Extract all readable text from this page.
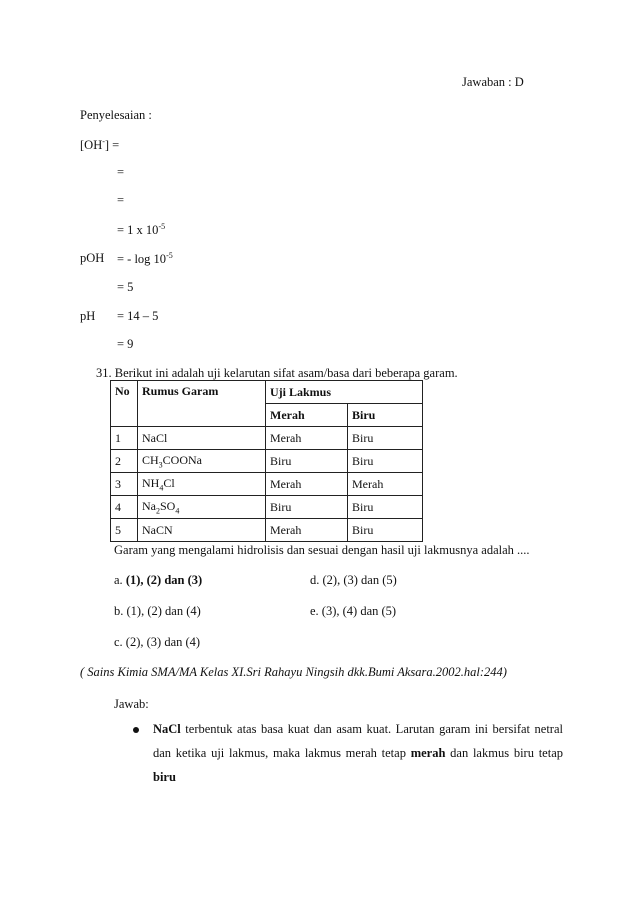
Jawaban : D
Penyelesaian :
[OH-] =
=
=
= 1 x $10^{-5}$
pOH = - $\log 10^{-5}$
= 5
pH = 14 – 5
= 9
31. Berikut ini adalah uji kelarutan sifat asam/basa dari beberapa garam.
No	Rumus Garam	Uji Lakmus	
		Merah	Biru
1	NaCl	Merah	Biru
2	$CH_3COONa$	Biru	Biru
3	$NH_4Cl$	Merah	Merah
4	$Na_2SO_4$	Biru	Biru
5	NaCN	Merah	Biru
Garam yang mengalami hidrolisis dan sesuai dengan hasil uji lakmusnya adalah ....
a. (1), (2) dan (3)	d. (2), (3) dan (5)
b. (1), (2) dan (4)	e. (3), (4) dan (5)
c. (2), (3) dan (4)
( Sains Kimia SMA/MA Kelas XI.Sri Rahayu Ningsih dkk.Bumi Aksara.2002.hal:244)
Jawab:
NaCl terbentuk atas basa kuat dan asam kuat. Larutan garam ini bersifat netral dan ketika uji lakmus, maka lakmus merah tetap merah dan lakmus biru tetap biru
